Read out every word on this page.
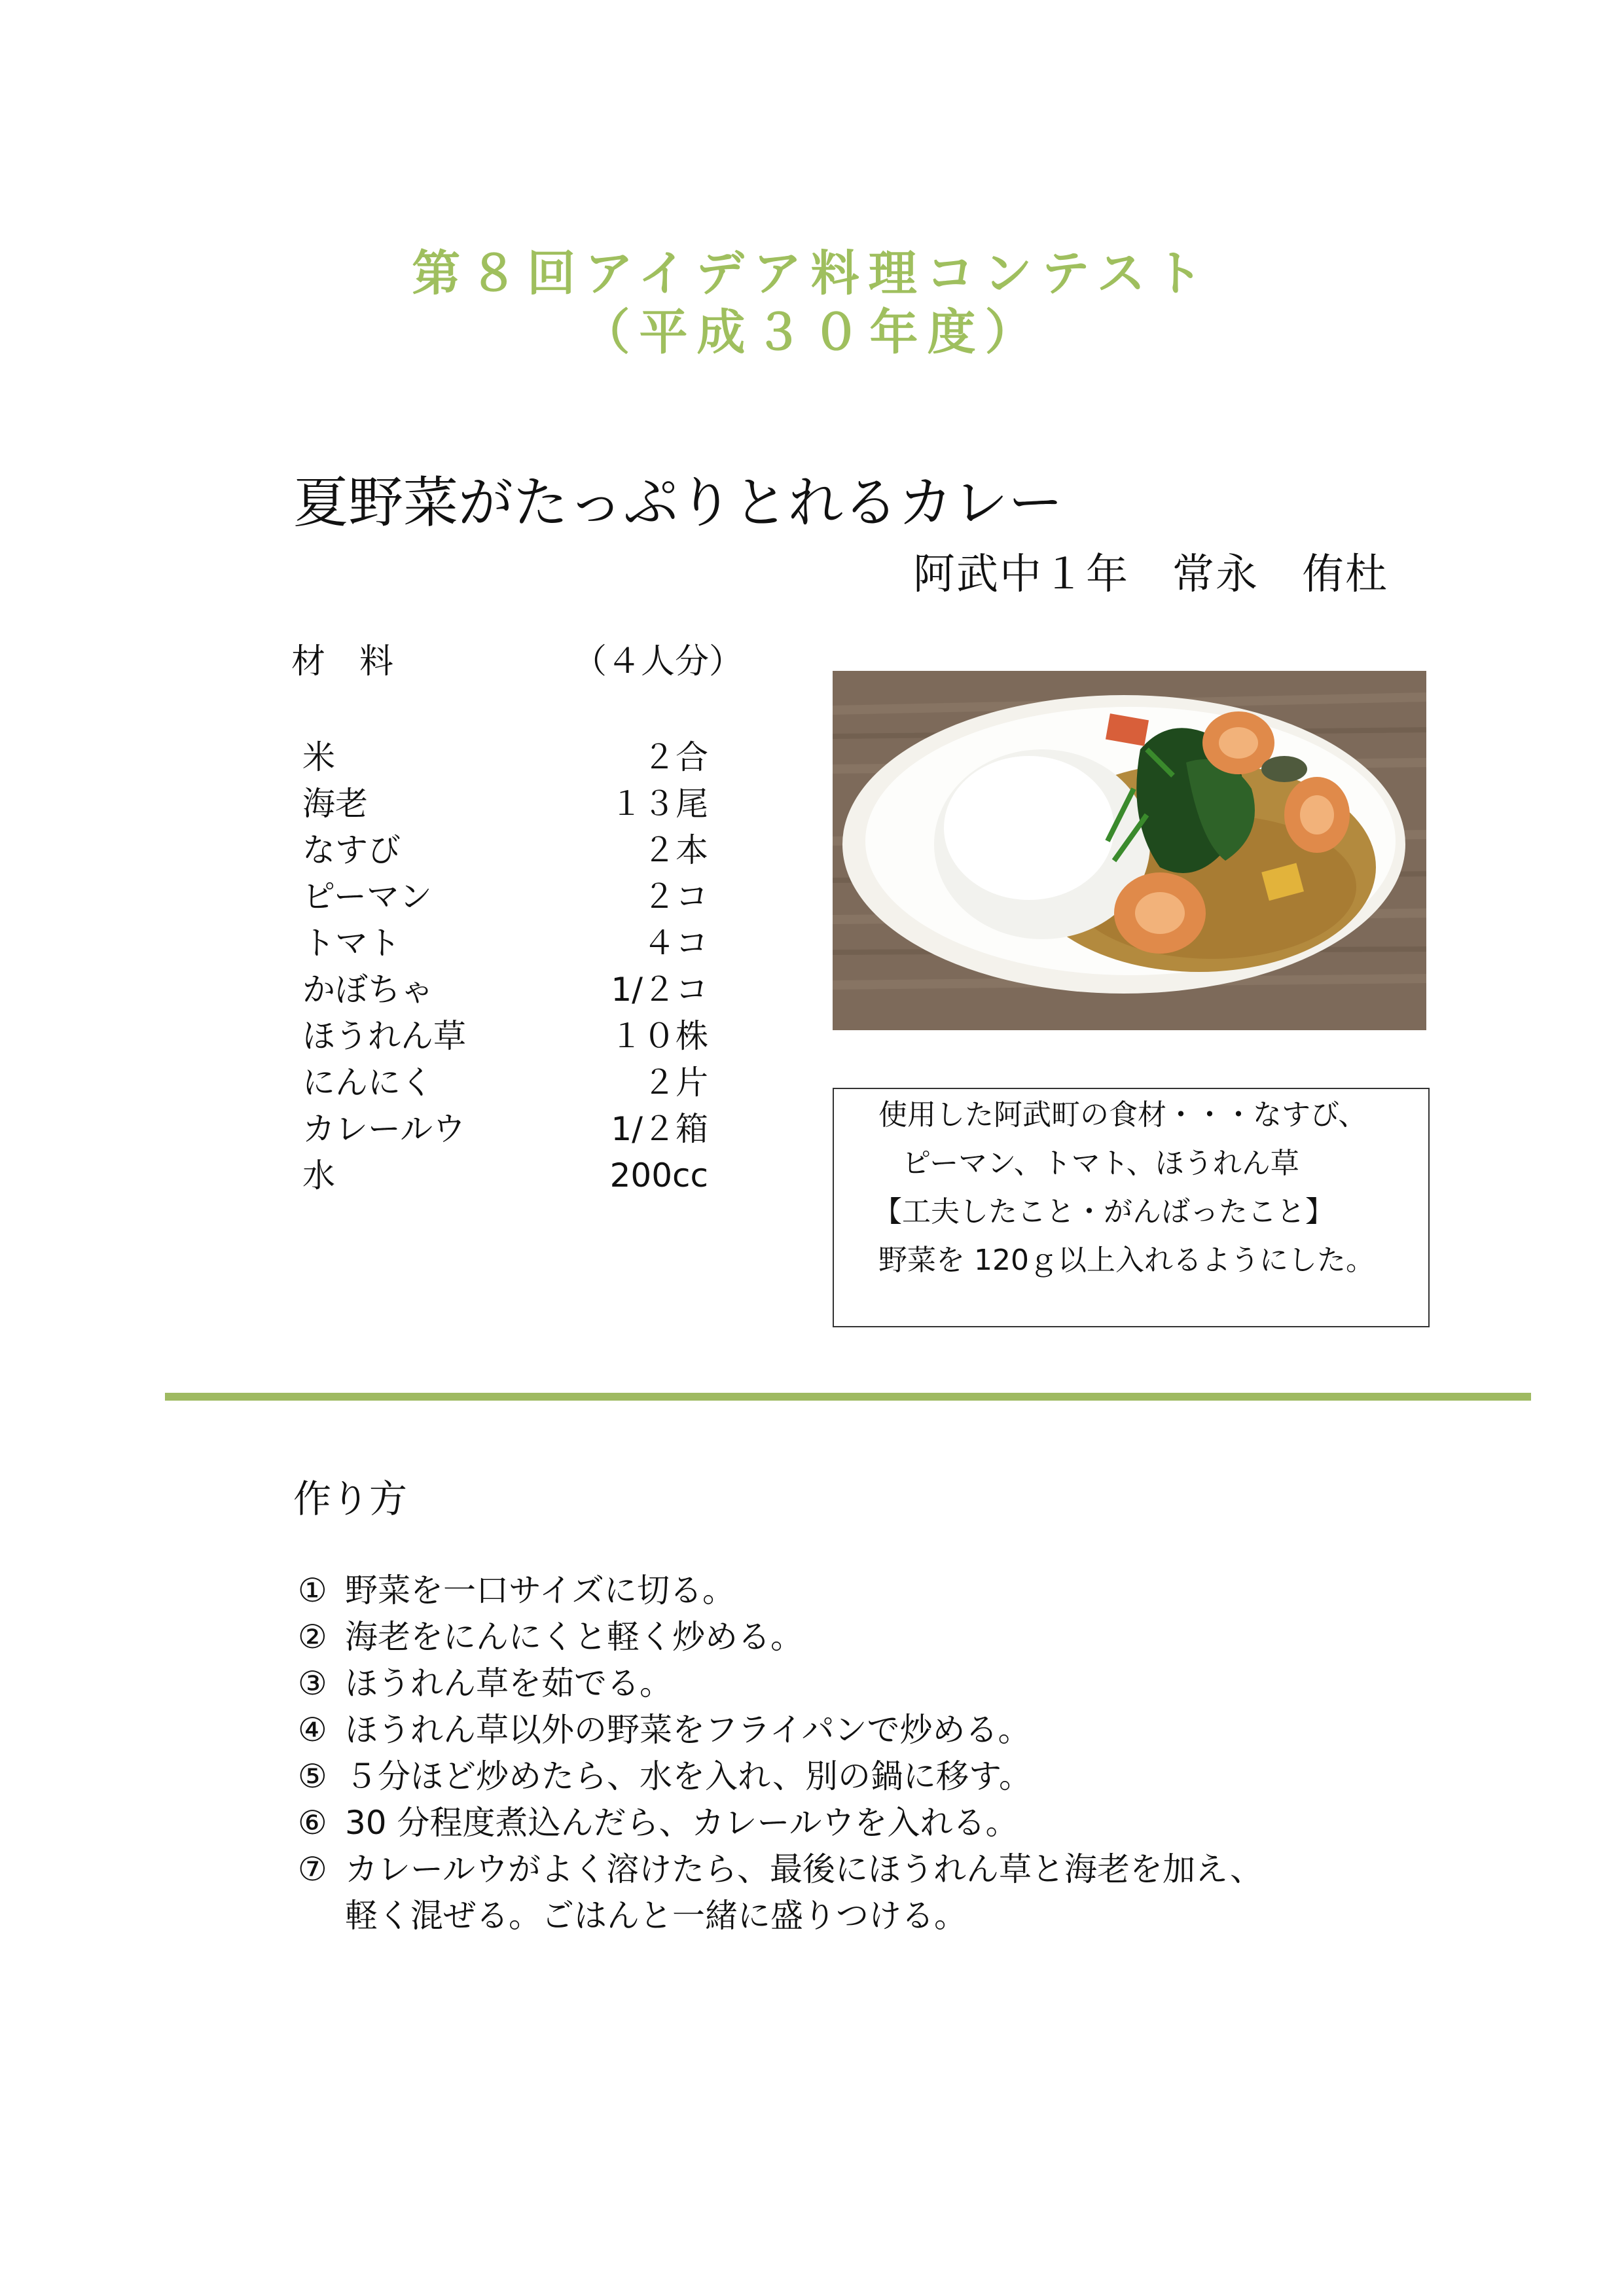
第８回アイデア料理コンテスト
（平成３０年度）
夏野菜がたっぷりとれるカレー
阿武中１年　常永　侑杜
材　料	（４人分）
米	２合
海老	１３尾
なすび	２本
ピーマン	２コ
トマト	４コ
かぼちゃ	1/２コ
ほうれん草	１０株
にんにく	２片
カレールウ	1/２箱
水	200cc
使用した阿武町の食材・・・なすび、
ピーマン、トマト、ほうれん草
【工夫したこと・がんばったこと】
野菜を 120ｇ以上入れるようにした。
作り方
① 野菜を一口サイズに切る。
② 海老をにんにくと軽く炒める。
③ ほうれん草を茹でる。
④ ほうれん草以外の野菜をフライパンで炒める。
⑤ ５分ほど炒めたら、水を入れ、別の鍋に移す。
⑥ 30 分程度煮込んだら、カレールウを入れる。
⑦ カレールウがよく溶けたら、最後にほうれん草と海老を加え、
軽く混ぜる。ごはんと一緒に盛りつける。
